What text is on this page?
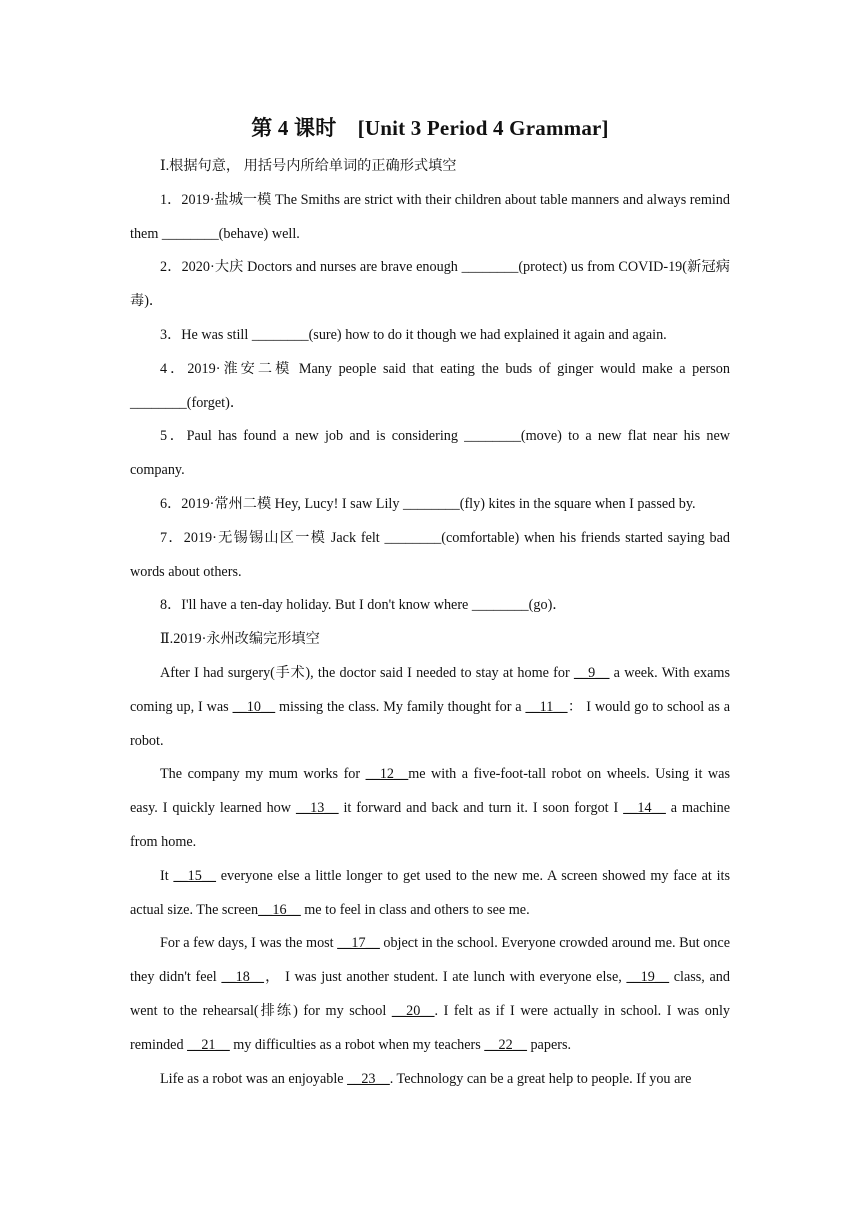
第 4 课时　[Unit 3 Period 4 Grammar]

Ⅰ.根据句意， 用括号内所给单词的正确形式填空

1．2019·盐城一模 The Smiths are strict with their children about table manners and always remind them ________(behave) well.

2．2020·大庆 Doctors and nurses are brave enough ________(protect) us from COVID-19(新冠病毒)．

3．He was still ________(sure) how to do it though we had explained it again and again.

4．2019·淮安二模 Many people said that eating the buds of ginger would make a person ________(forget)．

5．Paul has found a new job and is considering ________(move) to a new flat near his new company.

6．2019·常州二模 Hey, Lucy! I saw Lily ________(fly) kites in the square when I passed by.

7．2019·无锡锡山区一模 Jack felt ________(comfortable) when his friends started saying bad words about others.

8．I'll have a ten-day holiday. But I don't know where ________(go)．

Ⅱ.2019·永州改编完形填空

After I had surgery(手术), the doctor said I needed to stay at home for __9__ a week. With exams coming up, I was __10__ missing the class. My family thought for a __11__： I would go to school as a robot.

The company my mum works for __12__me with a five-foot-tall robot on wheels. Using it was easy. I quickly learned how __13__ it forward and back and turn it. I soon forgot I __14__ a machine from home.

It __15__ everyone else a little longer to get used to the new me. A screen showed my face at its actual size. The screen__16__ me to feel in class and others to see me.

For a few days, I was the most __17__ object in the school. Everyone crowded around me. But once they didn't feel __18__， I was just another student. I ate lunch with everyone else, __19__ class, and went to the rehearsal(排练) for my school __20__. I felt as if I were actually in school. I was only reminded __21__ my difficulties as a robot when my teachers __22__ papers.

Life as a robot was an enjoyable __23__. Technology can be a great help to people. If you are
